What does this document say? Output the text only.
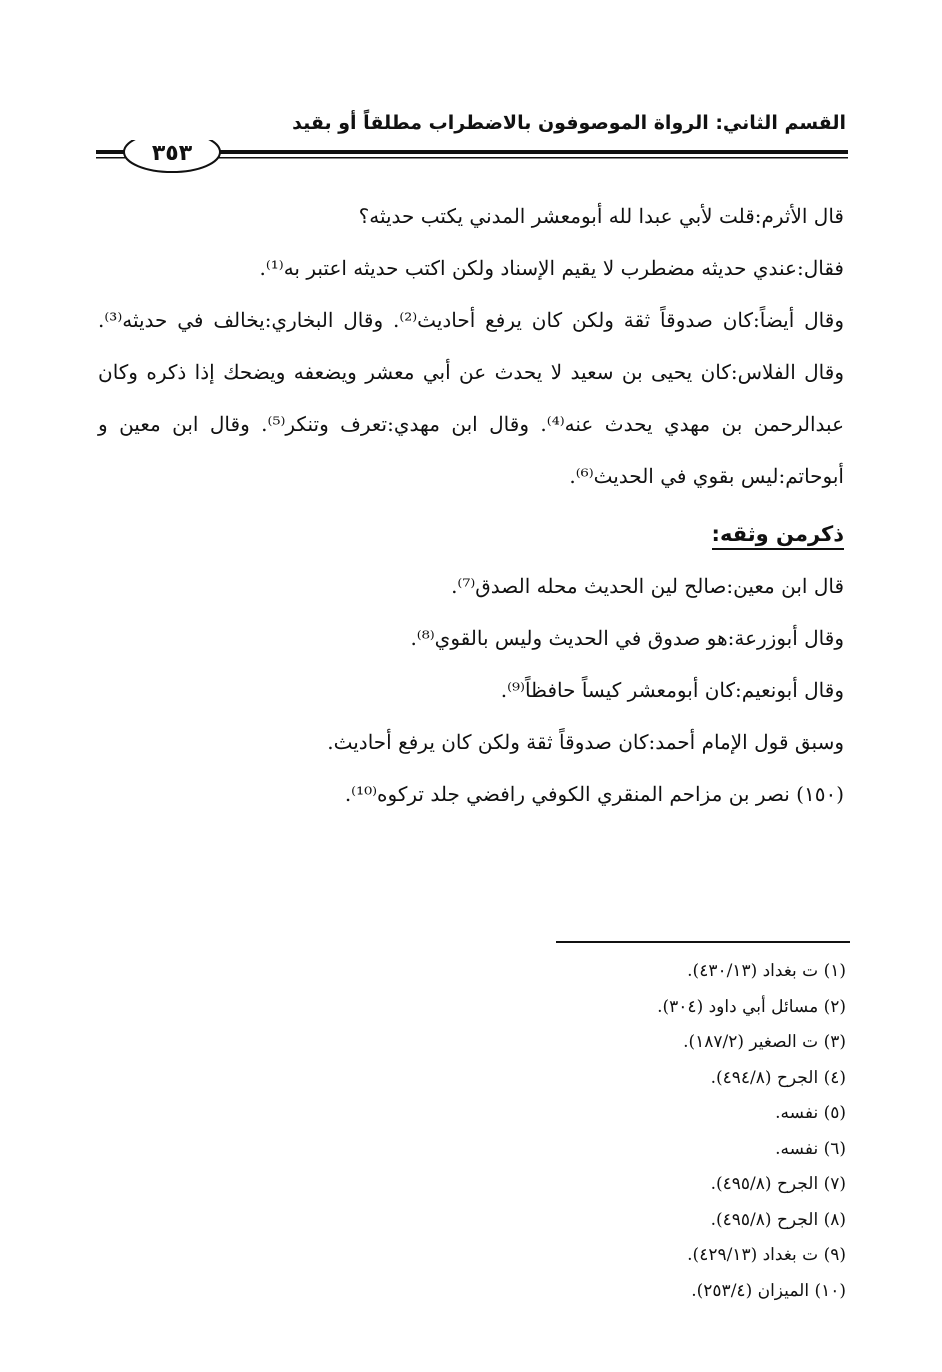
القسم الثاني: الرواة الموصوفون بالاضطراب مطلقاً أو بقيد
٣٥٣

قال الأثرم:قلت لأبي عبدا لله أبومعشر المدني يكتب حديثه؟

فقال:عندي حديثه مضطرب لا يقيم الإسناد ولكن اكتب حديثه اعتبر به⁽¹⁾.

وقال أيضاً:كان صدوقاً ثقة ولكن كان يرفع أحاديث⁽²⁾. وقال البخاري:يخالف في حديثه⁽³⁾. وقال الفلاس:كان يحيى بن سعيد لا يحدث عن أبي معشر ويضعفه ويضحك إذا ذكره وكان عبدالرحمن بن مهدي يحدث عنه⁽⁴⁾. وقال ابن مهدي:تعرف وتنكر⁽⁵⁾. وقال ابن معين و أبوحاتم:ليس بقوي في الحديث⁽⁶⁾.

ذكرمن وثقه:

قال ابن معين:صالح لين الحديث محله الصدق⁽⁷⁾.

وقال أبوزرعة:هو صدوق في الحديث وليس بالقوي⁽⁸⁾.

وقال أبونعيم:كان أبومعشر كيساً حافظاً⁽⁹⁾.

وسبق قول الإمام أحمد:كان صدوقاً ثقة ولكن كان يرفع أحاديث.

(١٥٠) نصر بن مزاحم المنقري الكوفي رافضي جلد تركوه⁽¹⁰⁾.

(١) ت بغداد (٤٣٠/١٣).
(٢) مسائل أبي داود (٣٠٤).
(٣) ت الصغير (١٨٧/٢).
(٤) الجرح (٤٩٤/٨).
(٥) نفسه.
(٦) نفسه.
(٧) الجرح (٤٩٥/٨).
(٨) الجرح (٤٩٥/٨).
(٩) ت بغداد (٤٢٩/١٣).
(١٠) الميزان (٢٥٣/٤).
